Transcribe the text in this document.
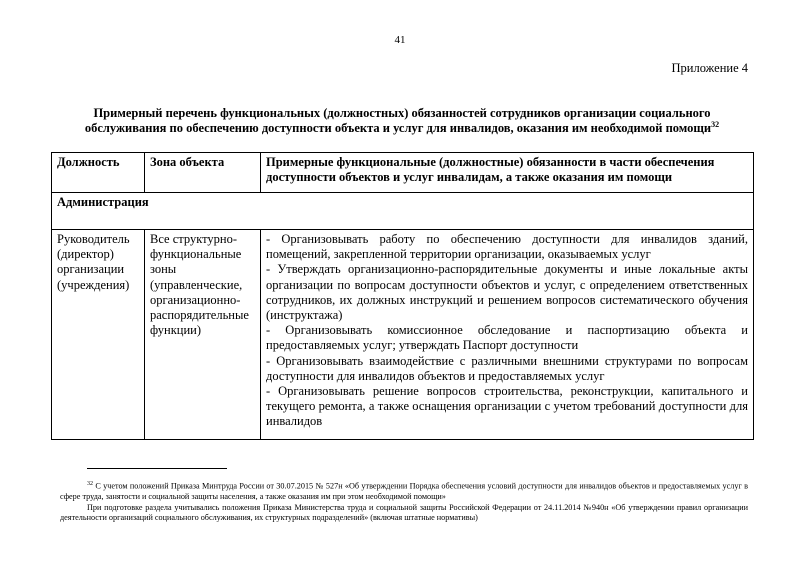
41
Приложение 4
Примерный перечень функциональных (должностных) обязанностей сотрудников организации социального обслуживания по обеспечению доступности объекта и услуг для инвалидов, оказания им необходимой помощи$^{32}$
Должность	Зона объекта	Примерные функциональные (должностные) обязанности в части обеспечения доступности объектов и услуг инвалидам, а также оказания им помощи
Администрация		
Руководитель (директор) организации (учреждения)	Все структурно-функциональные зоны (управленческие, организационно-распорядительные функции)	- Организовывать работу по обеспечению доступности для инвалидов зданий, помещений, закрепленной территории организации, оказываемых услуг
- Утверждать организационно-распорядительные документы и иные локальные акты организации по вопросам доступности объектов и услуг, с определением ответственных сотрудников, их должных инструкций и решением вопросов систематического обучения (инструктажа)
- Организовывать комиссионное обследование и паспортизацию объекта и предоставляемых услуг; утверждать Паспорт доступности
- Организовывать взаимодействие с различными внешними структурами по вопросам доступности для инвалидов объектов и предоставляемых услуг
- Организовывать решение вопросов строительства, реконструкции, капитального и текущего ремонта, а также оснащения организации с учетом требований доступности для инвалидов

$^{32}$ С учетом положений Приказа Минтруда России от 30.07.2015 № 527н «Об утверждении Порядка обеспечения условий доступности для инвалидов объектов и предоставляемых услуг в сфере труда, занятости и социальной защиты населения, а также оказания им при этом необходимой помощи»

При подготовке раздела учитывались положения Приказа Министерства труда и социальной защиты Российской Федерации от 24.11.2014 №940н «Об утверждении правил организации деятельности организаций социального обслуживания, их структурных подразделений» (включая штатные нормативы)
